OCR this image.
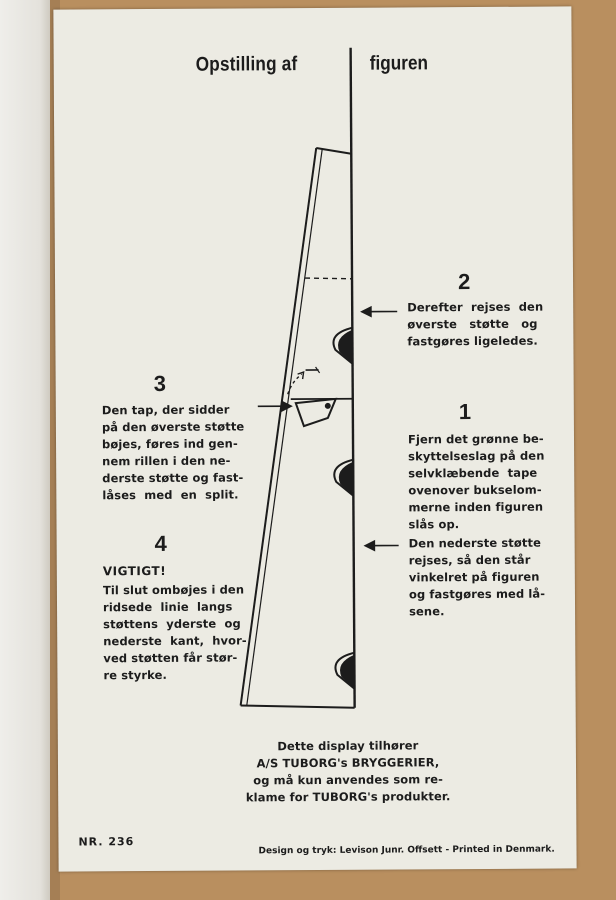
Opstilling af	figuren
2
Derefter  rejses  den
øverste   støtte   og
fastgøres ligeledes.
1
Fjern det grønne be-
skyttelseslag på den
selvklæbende  tape
ovenover bukselom-
merne inden figuren
slås op.
Den nederste støtte
rejses, så den står
vinkelret på figuren
og fastgøres med lå-
sene.
3
Den tap, der sidder
på den øverste støtte
bøjes, føres ind gen-
nem rillen i den ne-
derste støtte og fast-
låses  med  en  split.
4
VIGTIGT!
Til slut ombøjes i den
ridsede  linie  langs
støttens  yderste  og
nederste  kant,  hvor-
ved støtten får stør-
re styrke.
Dette display tilhører
A/S TUBORG's BRYGGERIER,
og må kun anvendes som re-
klame for TUBORG's produkter.
NR. 236
Design og tryk: Levison Junr. Offsett - Printed in Denmark.
